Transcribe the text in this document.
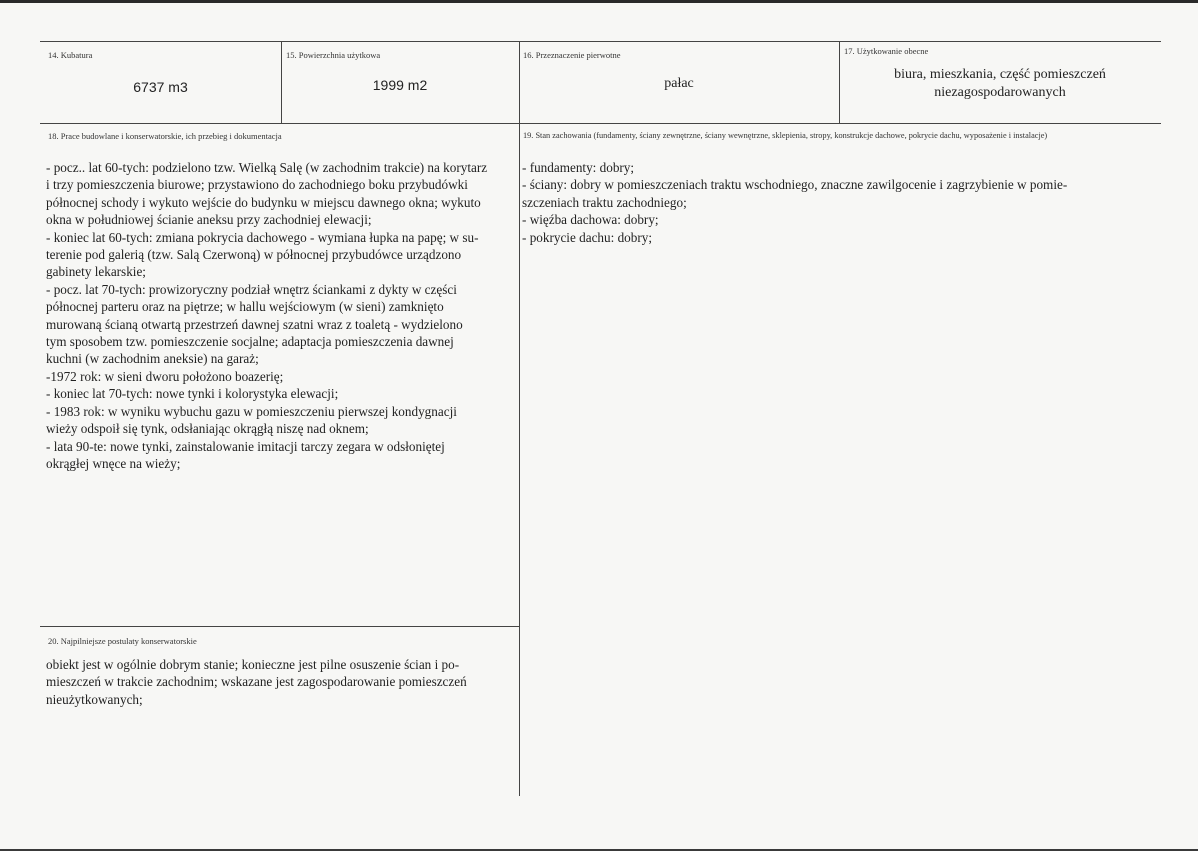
14. Kubatura
6737 m3
15. Powierzchnia użytkowa
1999 m2
16. Przeznaczenie pierwotne
pałac
17. Użytkowanie obecne
biura, mieszkania, część pomieszczeń
niezagospodarowanych
18. Prace budowlane i konserwatorskie, ich przebieg i dokumentacja
- pocz.. lat 60-tych: podzielono tzw. Wielką Salę (w zachodnim trakcie) na korytarz
i trzy pomieszczenia biurowe; przystawiono do zachodniego boku przybudówki
północnej schody i wykuto wejście do budynku w miejscu dawnego okna; wykuto
okna w południowej ścianie aneksu przy zachodniej elewacji;
- koniec lat 60-tych: zmiana pokrycia dachowego - wymiana łupka na papę; w su-
terenie pod galerią (tzw. Salą Czerwoną) w północnej przybudówce urządzono
gabinety lekarskie;
- pocz. lat 70-tych: prowizoryczny podział wnętrz ściankami z dykty w części
północnej parteru oraz na piętrze; w hallu wejściowym (w sieni) zamknięto
murowaną ścianą otwartą przestrzeń dawnej szatni wraz z toaletą - wydzielono
tym sposobem tzw. pomieszczenie socjalne; adaptacja pomieszczenia dawnej
kuchni (w zachodnim aneksie) na garaż;
-1972 rok: w sieni dworu położono boazerię;
- koniec lat 70-tych: nowe tynki i kolorystyka elewacji;
- 1983 rok: w wyniku wybuchu gazu w pomieszczeniu pierwszej kondygnacji
wieży odspoił się tynk, odsłaniając okrągłą niszę nad oknem;
- lata 90-te: nowe tynki, zainstalowanie imitacji tarczy zegara w odsłoniętej
okrągłej wnęce na wieży;
19. Stan zachowania (fundamenty, ściany zewnętrzne, ściany wewnętrzne, sklepienia, stropy, konstrukcje dachowe, pokrycie dachu, wyposażenie i instalacje)
- fundamenty: dobry;
- ściany: dobry w pomieszczeniach traktu wschodniego, znaczne zawilgocenie i zagrzybienie w pomie-
szczeniach traktu zachodniego;
- więźba dachowa: dobry;
- pokrycie dachu: dobry;
20. Najpilniejsze postulaty konserwatorskie
obiekt jest w ogólnie dobrym stanie; konieczne jest pilne osuszenie ścian i po-
mieszczeń w trakcie zachodnim; wskazane jest zagospodarowanie pomieszczeń
nieużytkowanych;
